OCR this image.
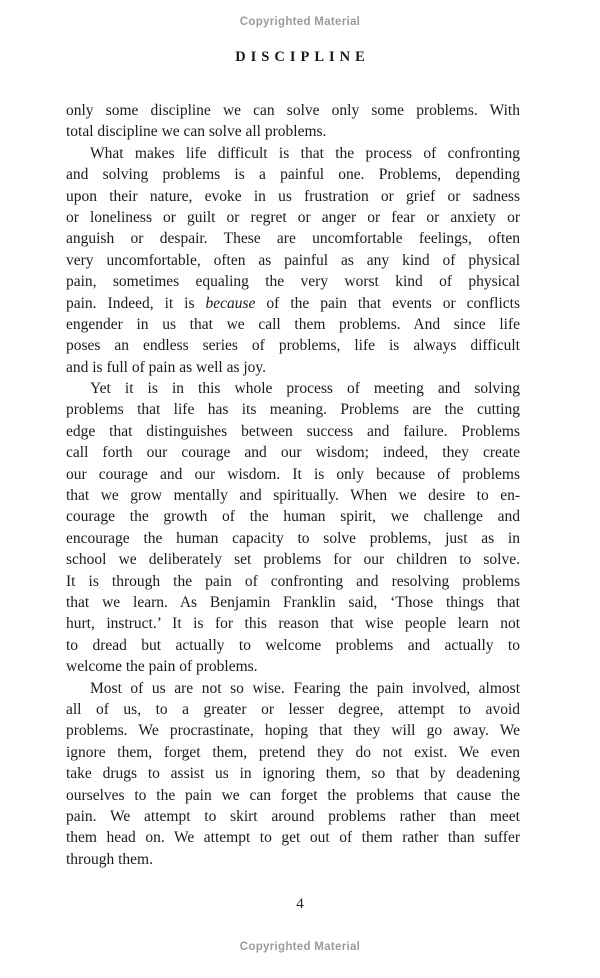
Copyrighted Material
DISCIPLINE
only some discipline we can solve only some problems. With
total discipline we can solve all problems.
What makes life difficult is that the process of confronting
and solving problems is a painful one. Problems, depending
upon their nature, evoke in us frustration or grief or sadness
or loneliness or guilt or regret or anger or fear or anxiety or
anguish or despair. These are uncomfortable feelings, often
very uncomfortable, often as painful as any kind of physical
pain, sometimes equaling the very worst kind of physical
pain. Indeed, it is because of the pain that events or conflicts
engender in us that we call them problems. And since life
poses an endless series of problems, life is always difficult
and is full of pain as well as joy.
Yet it is in this whole process of meeting and solving
problems that life has its meaning. Problems are the cutting
edge that distinguishes between success and failure. Problems
call forth our courage and our wisdom; indeed, they create
our courage and our wisdom. It is only because of problems
that we grow mentally and spiritually. When we desire to en-
courage the growth of the human spirit, we challenge and
encourage the human capacity to solve problems, just as in
school we deliberately set problems for our children to solve.
It is through the pain of confronting and resolving problems
that we learn. As Benjamin Franklin said, ‘Those things that
hurt, instruct.’ It is for this reason that wise people learn not
to dread but actually to welcome problems and actually to
welcome the pain of problems.
Most of us are not so wise. Fearing the pain involved, almost
all of us, to a greater or lesser degree, attempt to avoid
problems. We procrastinate, hoping that they will go away. We
ignore them, forget them, pretend they do not exist. We even
take drugs to assist us in ignoring them, so that by deadening
ourselves to the pain we can forget the problems that cause the
pain. We attempt to skirt around problems rather than meet
them head on. We attempt to get out of them rather than suffer
through them.
4
Copyrighted Material
